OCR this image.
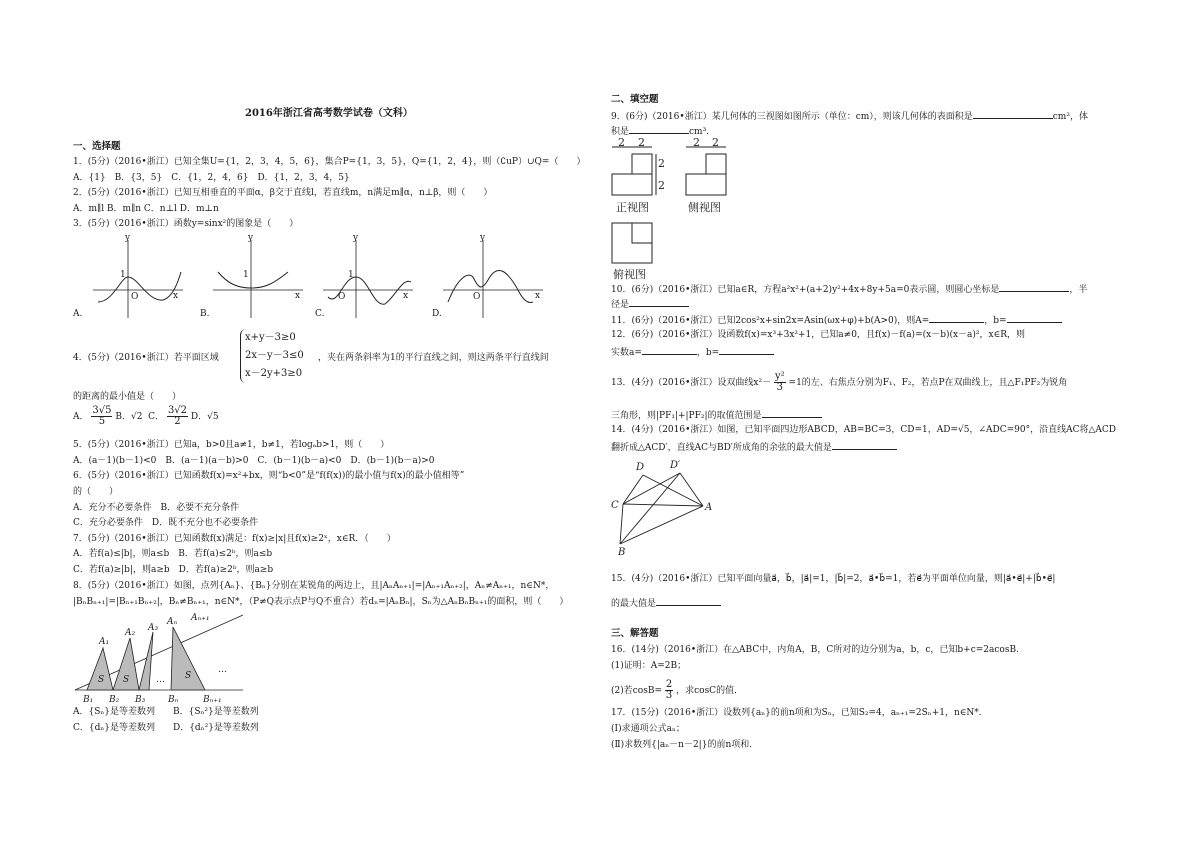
2016年浙江省高考数学试卷（文科）
一、选择题
1．(5分)（2016•浙江）已知全集U={1，2，3，4，5，6}，集合P={1，3，5}，Q={1，2，4}，则（∁uP）∪Q=（　　）
A．{1}　B．{3，5}　C．{1，2，4，6}　D．{1，2，3，4，5}
2．(5分)（2016•浙江）已知互相垂直的平面α，β交于直线l，若直线m，n满足m∥α，n⊥β，则（　　）
A．m∥l B．m∥n C．n⊥l D．m⊥n
3．(5分)（2016•浙江）函数y=sinx²的图象是（　　）
y
x
O
1
y
x
1
y
x
O
1
y
x
O
A.	B.	C.	D.
4．(5分)（2016•浙江）若平面区域
x+y－3≥0
2x－y－3≤0
x－2y+3≥0
，夹在两条斜率为1的平行直线之间，则这两条平行直线间
的距离的最小值是（　　）
A． $\frac{3√5}{5}$ B．√2 C． $\frac{3√2}{2}$ D．√5
5．(5分)（2016•浙江）已知a，b>0且a≠1，b≠1，若logₐb>1，则（　　）
A．(a－1)(b－1)<0　B．(a－1)(a－b)>0　C．(b－1)(b－a)<0　D．(b－1)(b－a)>0
6．(5分)（2016•浙江）已知函数f(x)=x²+bx，则“b<0”是“f(f(x))的最小值与f(x)的最小值相等”
的（　　）
A．充分不必要条件　B．必要不充分条件
C．充分必要条件　D．既不充分也不必要条件
7．(5分)（2016•浙江）已知函数f(x)满足：f(x)≥|x|且f(x)≥2ˣ，x∈R．（　　）
A．若f(a)≤|b|，则a≤b　B．若f(a)≤2ᵇ，则a≤b
C．若f(a)≥|b|，则a≥b　D．若f(a)≥2ᵇ，则a≥b
8．(5分)（2016•浙江）如图，点列{Aₙ}、{Bₙ}分别在某锐角的两边上，且|AₙAₙ₊₁|=|Aₙ₊₁Aₙ₊₂|，Aₙ≠Aₙ₊₁，n∈N*，
|BₙBₙ₊₁|=|Bₙ₊₁Bₙ₊₂|，Bₙ≠Bₙ₊₁，n∈N*，（P≠Q表示点P与Q不重合）若dₙ=|AₙBₙ|，Sₙ为△AₙBₙBₙ₊₁的面积，则（　　）
A₁
A₂ A₃
Aₙ Aₙ₊₁
B₁ B₂ B₃	Bₙ	Bₙ₊₁
S S	S
…
…
A．{Sₙ}是等差数列　　B．{Sₙ²}是等差数列
C．{dₙ}是等差数列　　D．{dₙ²}是等差数列
二、填空题
9．(6分)（2016•浙江）某几何体的三视图如图所示（单位：cm），则该几何体的表面积是	cm²，体
积是	cm³．
2 2
2
2
2 2
正视图	侧视图
俯视图
10．(6分)（2016•浙江）已知a∈R，方程a²x²+(a+2)y²+4x+8y+5a=0表示圆，则圆心坐标是	，半
径是
11．(6分)（2016•浙江）已知2cos²x+sin2x=Asin(ωx+φ)+b(A>0)，则A=	，b=
12．(6分)（2016•浙江）设函数f(x)=x³+3x²+1，已知a≠0，且f(x)－f(a)=(x－b)(x－a)²，x∈R，则
实数a=	，b=
13．(4分)（2016•浙江）设双曲线$x^2- \frac{\text{y²}}{3} =1$的左、右焦点分别为F₁、F₂，若点P在双曲线上，且△F₁PF₂为锐角
三角形，则|PF₁|+|PF₂|的取值范围是
14．(4分)（2016•浙江）如图，已知平面四边形ABCD，AB=BC=3，CD=1，AD=√5，∠ADC=90°，沿直线AC将△ACD
翻折成△ACD′，直线AC与BD′所成角的余弦的最大值是
D	D′
C	A
B
15．(4分)（2016•浙江）已知平面向量a⃗，b⃗，|a⃗|=1，|b⃗|=2，a⃗•b⃗=1，若e⃗为平面单位向量，则|a⃗•e⃗|+|b⃗•e⃗|
的最大值是
三、解答题
16．(14分)（2016•浙江）在△ABC中，内角A，B，C所对的边分别为a，b，c，已知b+c=2acosB．
(1)证明：A=2B；
(2)若$\cos B= \frac{2}{3}$ ，求cosC的值．
17．(15分)（2016•浙江）设数列{aₙ}的前n项和为Sₙ，已知S₂=4，aₙ₊₁=2Sₙ+1，n∈N*．
(Ⅰ)求通项公式aₙ；
(Ⅱ)求数列{|aₙ－n－2|}的前n项和．
